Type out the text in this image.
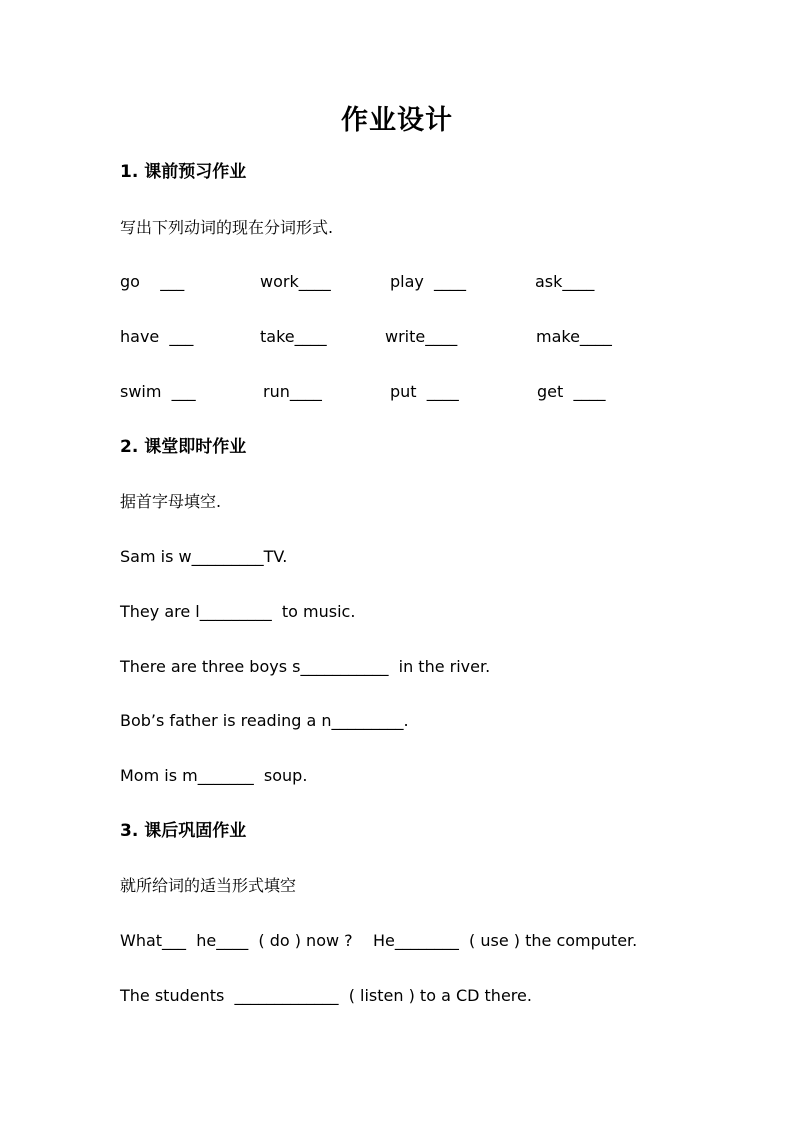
作业设计
1. 课前预习作业
写出下列动词的现在分词形式.
go    ___	work____	play  ____	ask____
have  ___	take____	write____	make____
swim  ___	run____	put  ____	get  ____
2. 课堂即时作业
据首字母填空.
Sam is w_________TV.
They are l_________  to music.
There are three boys s___________  in the river.
Bob’s father is reading a n_________.
Mom is m_______  soup.
3. 课后巩固作业
就所给词的适当形式填空
What___  he____  ( do ) now ?    He________  ( use ) the computer.
The students  _____________  ( listen ) to a CD there.
